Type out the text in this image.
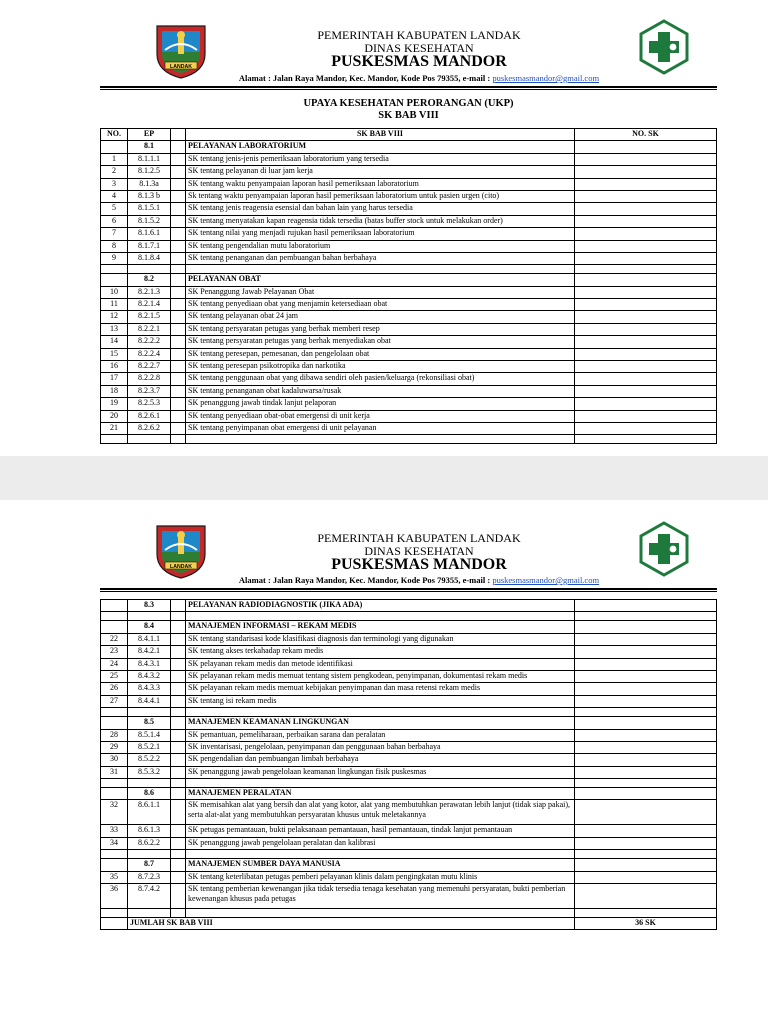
LANDAK
PEMERINTAH KABUPATEN LANDAK
DINAS KESEHATAN
PUSKESMAS MANDOR
Alamat : Jalan Raya Mandor, Kec. Mandor, Kode Pos 79355, e-mail : puskesmasmandor@gmail.com
UPAYA KESEHATAN PERORANGAN (UKP)
SK BAB VIII
NO.	EP		SK BAB VIII	NO. SK
	8.1		PELAYANAN LABORATORIUM	
1	8.1.1.1		SK tentang jenis-jenis pemeriksaan laboratorium yang tersedia	
2	8.1.2.5		SK tentang pelayanan di luar jam kerja	
3	8.1.3a		SK tentang waktu penyampaian laporan hasil pemeriksaan laboratorium	
4	8.1.3 b		Sk tentang waktu penyampaian laporan hasil pemeriksaan laboratorium untuk pasien urgen (cito)	
5	8.1.5.1		SK tentang jenis reagensia esensial dan bahan lain yang harus tersedia	
6	8.1.5.2		SK tentang menyatakan kapan reagensia tidak tersedia (batas buffer stock untuk melakukan order)	
7	8.1.6.1		SK tentang nilai yang menjadi rujukan hasil pemeriksaan laboratorium	
8	8.1.7.1		SK tentang pengendalian mutu laboratorium	
9	8.1.8.4		SK tentang penanganan dan pembuangan bahan berbahaya	

	8.2		PELAYANAN OBAT	
10	8.2.1.3		SK Penanggung Jawab Pelayanan Obat	
11	8.2.1.4		SK tentang penyediaan obat yang menjamin ketersediaan obat	
12	8.2.1.5		SK tentang pelayanan obat 24 jam	
13	8.2.2.1		SK tentang persyaratan petugas yang berhak memberi resep	
14	8.2.2.2		SK tentang persyaratan petugas yang berhak menyediakan obat	
15	8.2.2.4		SK tentang peresepan, pemesanan, dan pengelolaan obat	
16	8.2.2.7		SK tentang peresepan psikotropika dan narkotika	
17	8.2.2.8		SK tentang penggunaan obat yang dibawa sendiri oleh pasien/keluarga (rekonsiliasi obat)	
18	8.2.3.7		SK tentang penanganan obat kadaluwarsa/rusak	
19	8.2.5.3		SK penanggung jawab tindak lanjut pelaporan	
20	8.2.6.1		SK tentang penyediaan obat-obat emergensi di unit kerja	
21	8.2.6.2		SK tentang penyimpanan obat emergensi di unit pelayanan	

LANDAK
PEMERINTAH KABUPATEN LANDAK
DINAS KESEHATAN
PUSKESMAS MANDOR
Alamat : Jalan Raya Mandor, Kec. Mandor, Kode Pos 79355, e-mail : puskesmasmandor@gmail.com
	8.3		PELAYANAN RADIODIAGNOSTIK (JIKA ADA)	

	8.4		MANAJEMEN INFORMASI – REKAM MEDIS	
22	8.4.1.1		SK tentang standarisasi kode klasifikasi diagnosis dan terminologi yang digunakan	
23	8.4.2.1		SK tentang akses terkahadap rekam medis	
24	8.4.3.1		SK pelayanan rekam medis dan metode identifikasi	
25	8.4.3.2		SK pelayanan rekam medis memuat tentang sistem pengkodean, penyimpanan, dokumentasi rekam medis	
26	8.4.3.3		SK pelayanan rekam medis memuat kebijakan penyimpanan dan masa retensi rekam medis	
27	8.4.4.1		SK tentang isi rekam medis	

	8.5		MANAJEMEN KEAMANAN LINGKUNGAN	
28	8.5.1.4		SK pemantuan, pemeliharaan, perbaikan sarana dan peralatan	
29	8.5.2.1		SK inventarisasi, pengelolaan, penyimpanan dan penggunaan bahan berbahaya	
30	8.5.2.2		SK pengendalian dan pembuangan limbah berbahaya	
31	8.5.3.2		SK penanggung jawab pengelolaan keamanan lingkungan fisik puskesmas	

	8.6		MANAJEMEN PERALATAN	
32	8.6.1.1		SK memisahkan alat yang bersih dan alat yang kotor, alat yang membutuhkan perawatan lebih lanjut (tidak siap pakai), serta alat-alat yang membutuhkan persyaratan khusus untuk meletakannya	
33	8.6.1.3		SK petugas pemantauan, bukti pelaksanaan pemantauan, hasil pemantauan, tindak lanjut pemantauan	
34	8.6.2.2		SK penanggung jawab pengelolaan peralatan dan kalibrasi	

	8.7		MANAJEMEN SUMBER DAYA MANUSIA	
35	8.7.2.3		SK tentang keterlibatan petugas pemberi pelayanan klinis dalam pengingkatan mutu klinis	
36	8.7.4.2		SK tentang pemberian kewenangan jika tidak tersedia tenaga kesehatan yang memenuhi persyaratan, bukti pemberian kewenangan khusus pada petugas	

	JUMLAH SK BAB VIII			36 SK
